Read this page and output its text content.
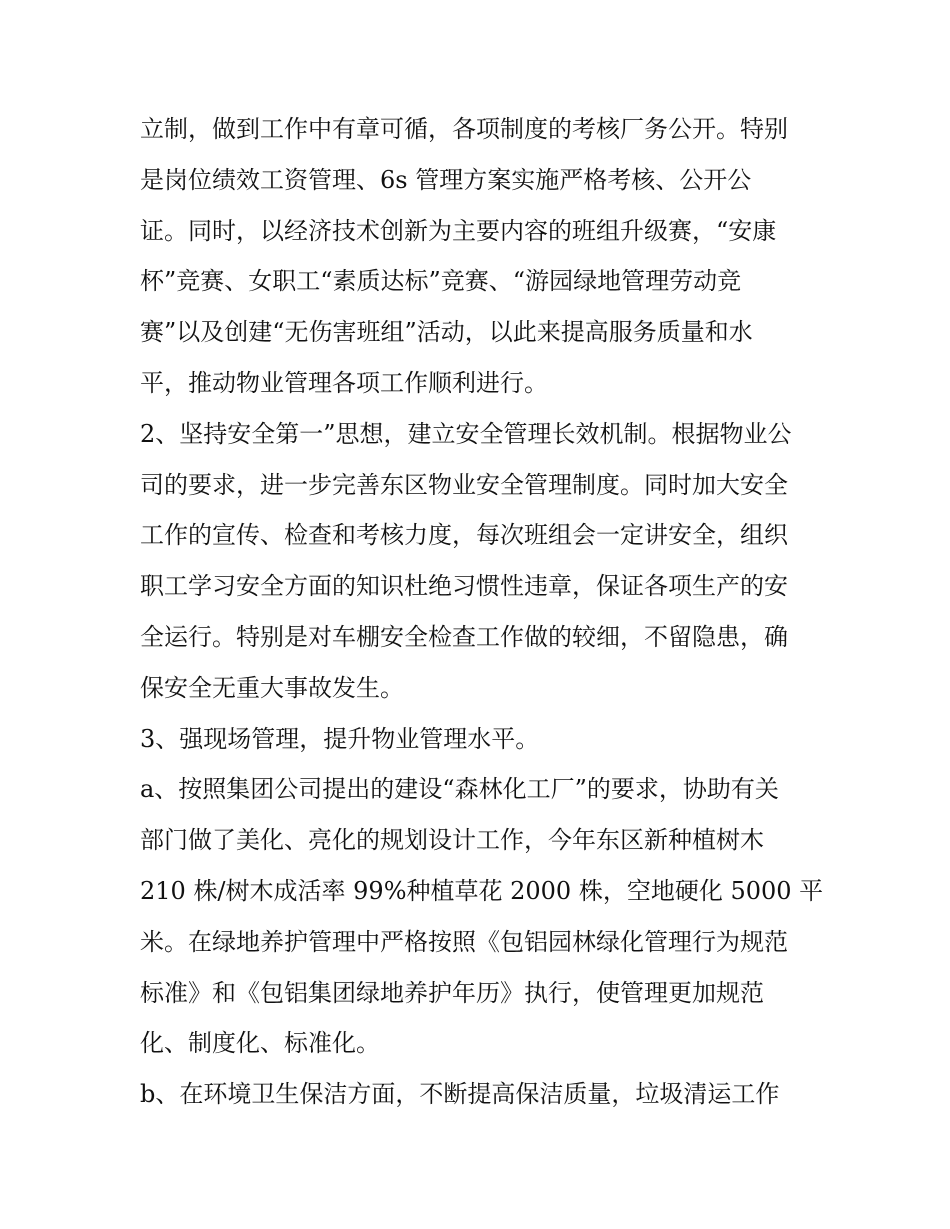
立制，做到工作中有章可循，各项制度的考核厂务公开。特别
是岗位绩效工资管理、6s 管理方案实施严格考核、公开公
证。同时，以经济技术创新为主要内容的班组升级赛，“安康
杯”竞赛、女职工“素质达标”竞赛、“游园绿地管理劳动竞
赛”以及创建“无伤害班组”活动，以此来提高服务质量和水
平，推动物业管理各项工作顺利进行。
2、坚持安全第一”思想，建立安全管理长效机制。根据物业公
司的要求，进一步完善东区物业安全管理制度。同时加大安全
工作的宣传、检查和考核力度，每次班组会一定讲安全，组织
职工学习安全方面的知识杜绝习惯性违章，保证各项生产的安
全运行。特别是对车棚安全检查工作做的较细，不留隐患，确
保安全无重大事故发生。
3、强现场管理，提升物业管理水平。
a、按照集团公司提出的建设“森林化工厂”的要求，协助有关
部门做了美化、亮化的规划设计工作，今年东区新种植树木
210 株/树木成活率 99%种植草花 2000 株，空地硬化 5000 平
米。在绿地养护管理中严格按照《包铝园林绿化管理行为规范
标准》和《包铝集团绿地养护年历》执行，使管理更加规范
化、制度化、标准化。
b、在环境卫生保洁方面，不断提高保洁质量，垃圾清运工作
